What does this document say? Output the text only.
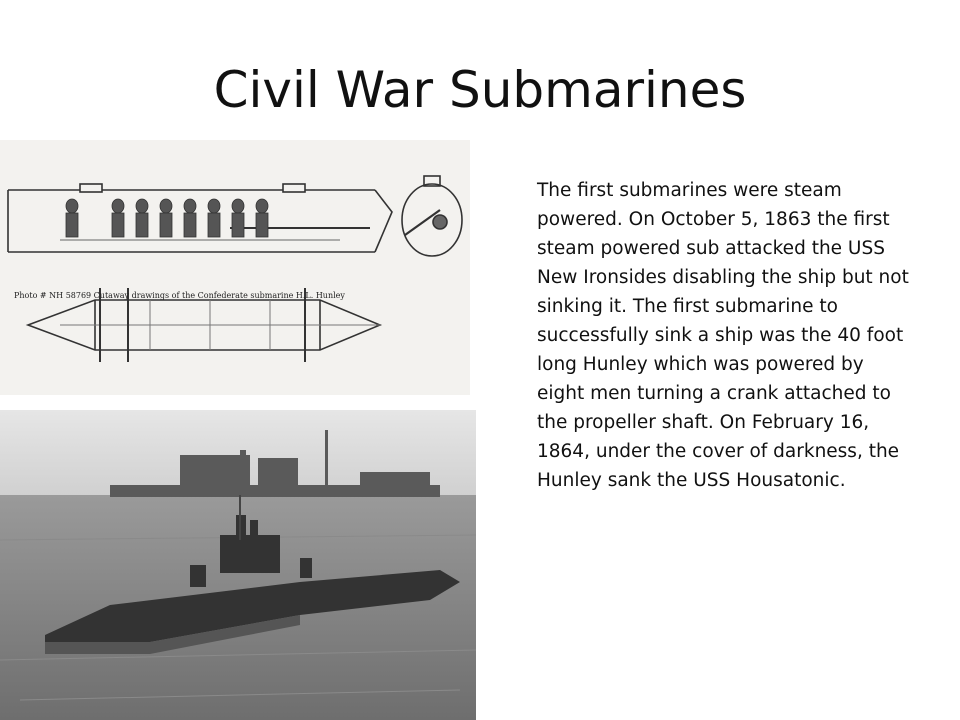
Civil War Submarines
Photo # NH 58769 Cutaway drawings of the Confederate submarine H.L. Hunley
The first submarines were steam powered. On October 5, 1863 the first steam powered sub attacked the USS New Ironsides disabling the ship but not sinking it. The first submarine to successfully sink a ship was the 40 foot long Hunley which was powered by eight men turning a crank attached to the propeller shaft. On February 16, 1864, under the cover of darkness, the Hunley sank the USS Housatonic.
